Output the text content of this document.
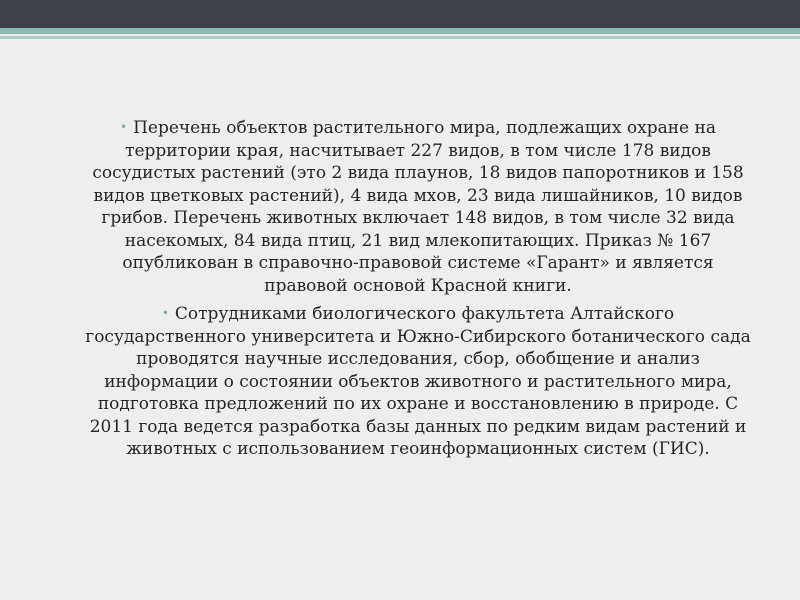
• Перечень объектов растительного мира, подлежащих охране на территории края, насчитывает 227 видов, в том числе 178 видов сосудистых растений (это 2 вида плаунов, 18 видов папоротников и 158 видов цветковых растений), 4 вида мхов, 23 вида лишайников, 10 видов грибов. Перечень животных включает 148 видов, в том числе 32 вида насекомых, 84 вида птиц, 21 вид млекопитающих. Приказ № 167 опубликован в справочно-правовой системе «Гарант» и является правовой основой Красной книги.

• Сотрудниками биологического факультета Алтайского государственного университета и Южно-Сибирского ботанического сада проводятся научные исследования, сбор, обобщение и анализ информации о состоянии объектов животного и растительного мира, подготовка предложений по их охране и восстановлению в природе. С 2011 года ведется разработка базы данных по редким видам растений и животных с использованием геоинформационных систем (ГИС).
